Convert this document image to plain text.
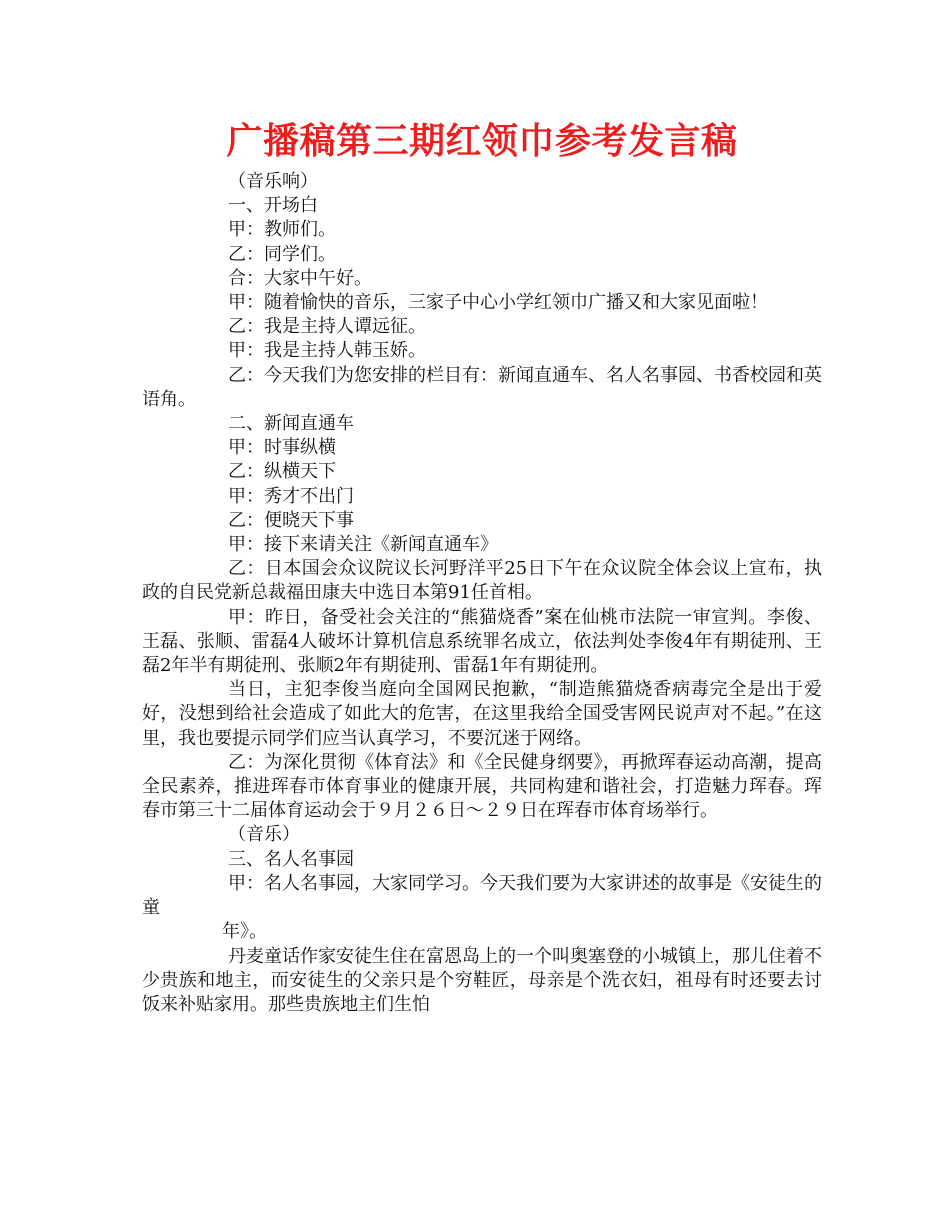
广播稿第三期红领巾参考发言稿

（音乐响）

一、开场白

甲：教师们。

乙：同学们。

合：大家中午好。

甲：随着愉快的音乐，三家子中心小学红领巾广播又和大家见面啦！

乙：我是主持人谭远征。

甲：我是主持人韩玉娇。

乙：今天我们为您安排的栏目有：新闻直通车、名人名事园、书香校园和英语角。

二、新闻直通车

甲：时事纵横

乙：纵横天下

甲：秀才不出门

乙：便晓天下事

甲：接下来请关注《新闻直通车》

乙：日本国会众议院议长河野洋平25日下午在众议院全体会议上宣布，执政的自民党新总裁福田康夫中选日本第91任首相。

甲：昨日，备受社会关注的“熊猫烧香”案在仙桃市法院一审宣判。李俊、王磊、张顺、雷磊4人破坏计算机信息系统罪名成立，依法判处李俊4年有期徒刑、王磊2年半有期徒刑、张顺2年有期徒刑、雷磊1年有期徒刑。

当日，主犯李俊当庭向全国网民抱歉，“制造熊猫烧香病毒完全是出于爱好，没想到给社会造成了如此大的危害，在这里我给全国受害网民说声对不起。”在这里，我也要提示同学们应当认真学习，不要沉迷于网络。

乙：为深化贯彻《体育法》和《全民健身纲要》，再掀珲春运动高潮，提高全民素养，推进珲春市体育事业的健康开展，共同构建和谐社会，打造魅力珲春。珲春市第三十二届体育运动会于９月２６日～２９日在珲春市体育场举行。

（音乐）

三、名人名事园

甲：名人名事园，大家同学习。今天我们要为大家讲述的故事是《安徒生的童

年》。

丹麦童话作家安徒生住在富恩岛上的一个叫奥塞登的小城镇上，那儿住着不少贵族和地主，而安徒生的父亲只是个穷鞋匠，母亲是个洗衣妇，祖母有时还要去讨饭来补贴家用。那些贵族地主们生怕
